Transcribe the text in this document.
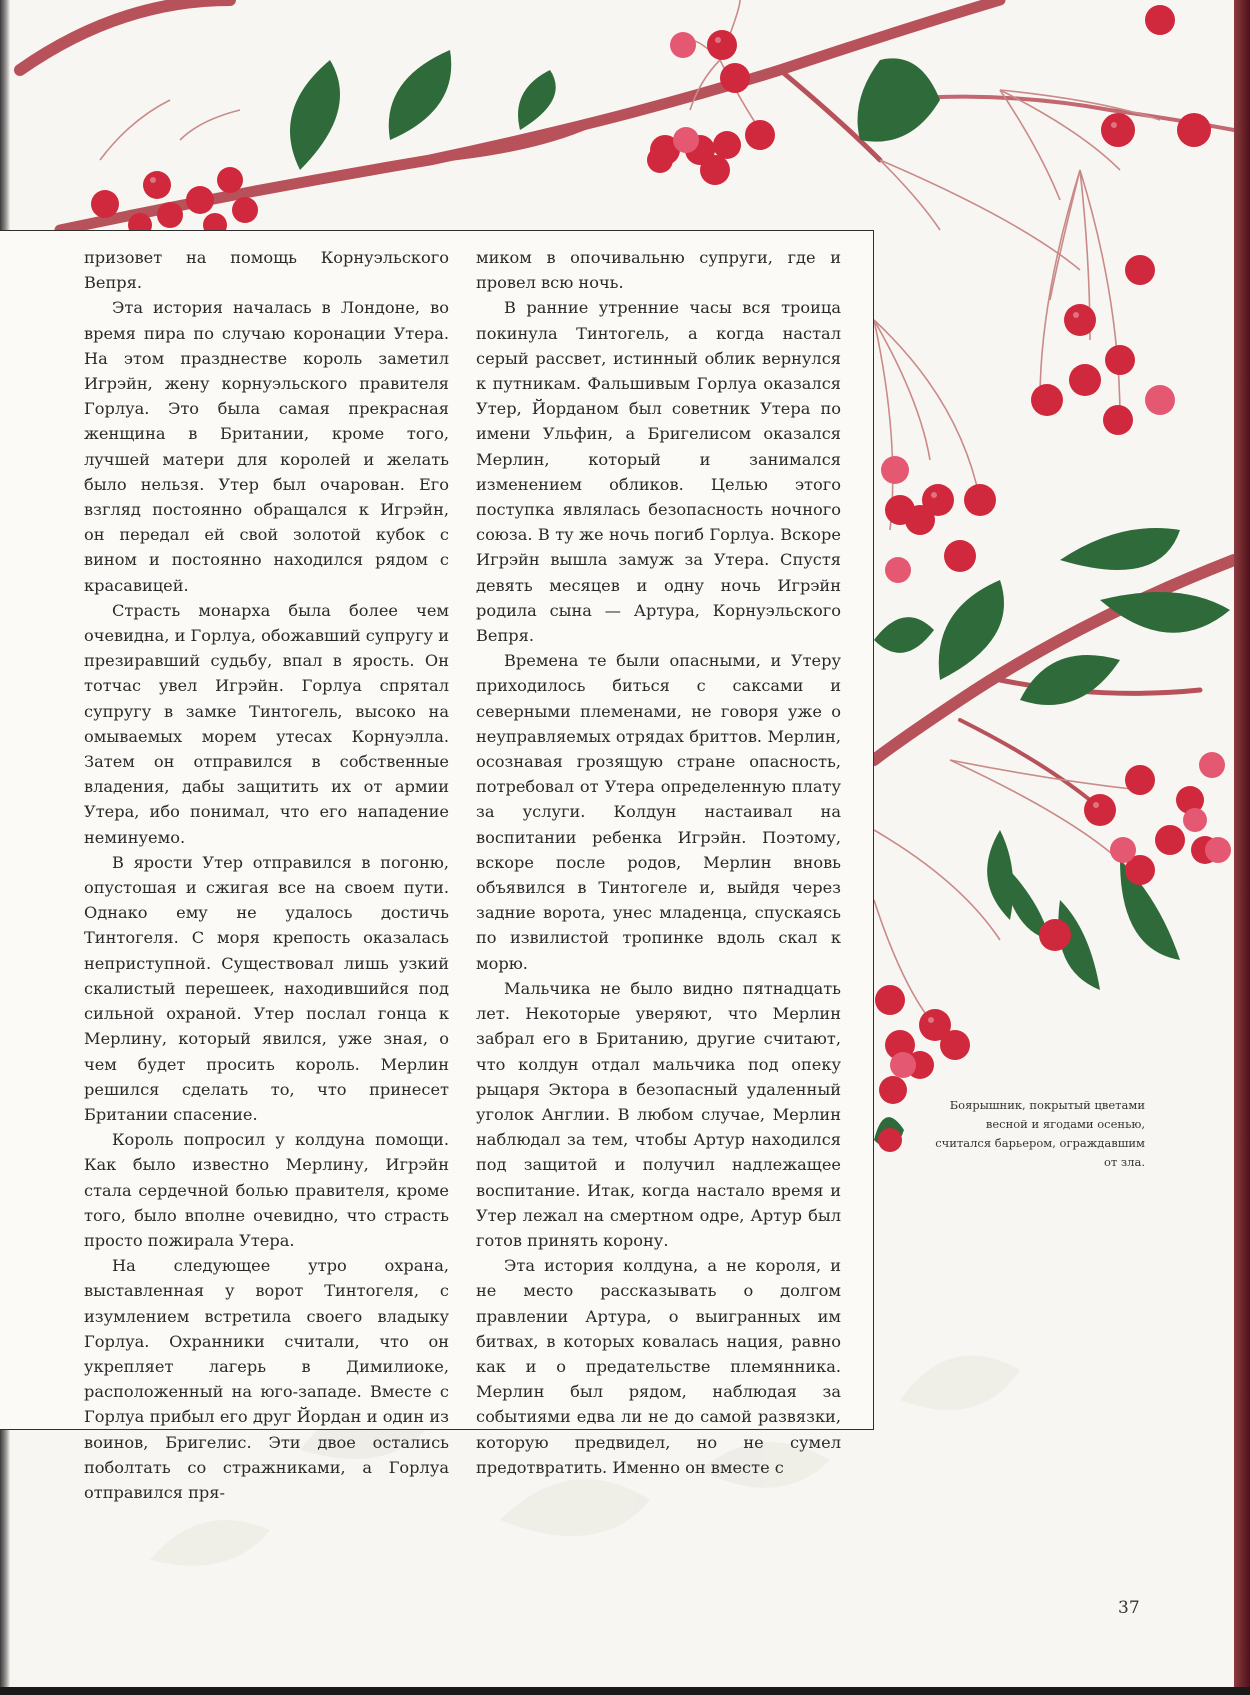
призовет на помощь Корнуэльского Вепря.

Эта история началась в Лондоне, во время пира по случаю коронации Утера. На этом празднестве король заметил Игрэйн, жену корнуэльского правителя Горлуа. Это была самая прекрасная женщина в Британии, кроме того, лучшей матери для королей и желать было нельзя. Утер был очарован. Его взгляд постоянно обращался к Игрэйн, он передал ей свой золотой кубок с вином и постоянно находился рядом с красавицей.

Страсть монарха была более чем очевидна, и Горлуа, обожавший супругу и презиравший судьбу, впал в ярость. Он тотчас увел Игрэйн. Горлуа спрятал супругу в замке Тинтогель, высоко на омываемых морем утесах Корнуэлла. Затем он отправился в собственные владения, дабы защитить их от армии Утера, ибо понимал, что его нападение неминуемо.

В ярости Утер отправился в погоню, опустошая и сжигая все на своем пути. Однако ему не удалось достичь Тинтогеля. С моря крепость оказалась неприступной. Существовал лишь узкий скалистый перешеек, находившийся под сильной охраной. Утер послал гонца к Мерлину, который явился, уже зная, о чем будет просить король. Мерлин решился сделать то, что принесет Британии спасение.

Король попросил у колдуна помощи. Как было известно Мерлину, Игрэйн стала сердечной болью правителя, кроме того, было вполне очевидно, что страсть просто пожирала Утера.

На следующее утро охрана, выставленная у ворот Тинтогеля, с изумлением встретила своего владыку Горлуа. Охранники считали, что он укрепляет лагерь в Димилиоке, расположенный на юго-западе. Вместе с Горлуа прибыл его друг Йордан и один из воинов, Бригелис. Эти двое остались поболтать со стражниками, а Горлуа отправился пря-

миком в опочивальню супруги, где и провел всю ночь.

В ранние утренние часы вся троица покинула Тинтогель, а когда настал серый рассвет, истинный облик вернулся к путникам. Фальшивым Горлуа оказался Утер, Йорданом был советник Утера по имени Ульфин, а Бригелисом оказался Мерлин, который и занимался изменением обликов. Целью этого поступка являлась безопасность ночного союза. В ту же ночь погиб Горлуа. Вскоре Игрэйн вышла замуж за Утера. Спустя девять месяцев и одну ночь Игрэйн родила сына — Артура, Корнуэльского Вепря.

Времена те были опасными, и Утеру приходилось биться с саксами и северными племенами, не говоря уже о неуправляемых отрядах бриттов. Мерлин, осознавая грозящую стране опасность, потребовал от Утера определенную плату за услуги. Колдун настаивал на воспитании ребенка Игрэйн. Поэтому, вскоре после родов, Мерлин вновь объявился в Тинтогеле и, выйдя через задние ворота, унес младенца, спускаясь по извилистой тропинке вдоль скал к морю.

Мальчика не было видно пятнадцать лет. Некоторые уверяют, что Мерлин забрал его в Британию, другие считают, что колдун отдал мальчика под опеку рыцаря Эктора в безопасный удаленный уголок Англии. В любом случае, Мерлин наблюдал за тем, чтобы Артур находился под защитой и получил надлежащее воспитание. Итак, когда настало время и Утер лежал на смертном одре, Артур был готов принять корону.

Эта история колдуна, а не короля, и не место рассказывать о долгом правлении Артура, о выигранных им битвах, в которых ковалась нация, равно как и о предательстве племянника. Мерлин был рядом, наблюдая за событиями едва ли не до самой развязки, которую предвидел, но не сумел предотвратить. Именно он вместе с

Боярышник, покрытый цветами весной и ягодами осенью, считался барьером, ограждавшим от зла.
37
